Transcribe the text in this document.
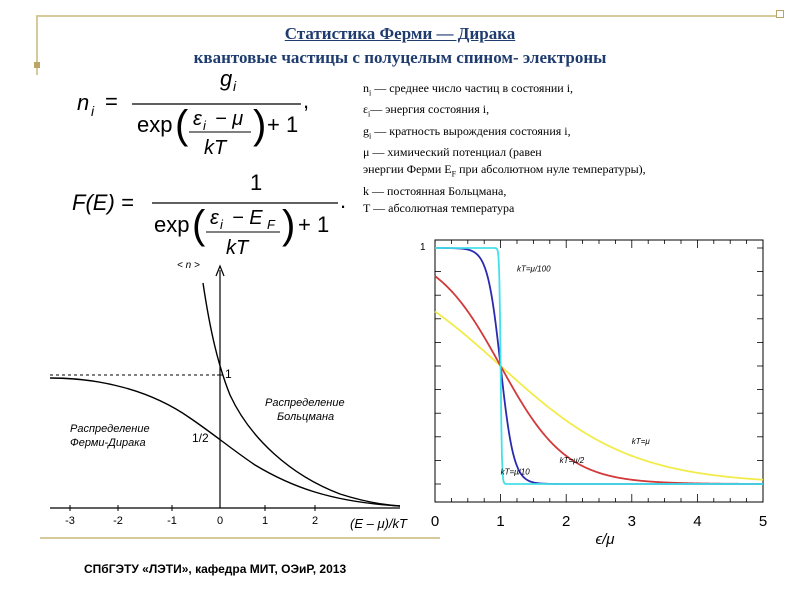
Статистика Ферми — Дирака
квантовые частицы с полуцелым спином- электроны
n i =
g i
exp ( ε i − μ
kT
) + 1
,
F(E) =
1
exp ( ε i − E F
kT
) + 1
.
$n_i$ — среднее число частиц в состоянии i,
$\varepsilon_i—$ энергия состояния i,
$g_i$ — кратность вырождения состояния i,
μ — химический потенциал (равен
энергии Ферми $E_F$ при абсолютном нуле температуры),
k — постоянная Больцмана,
T — абсолютная температура
< n >
1
1/2
-3	-2	-1	0	1	2 (E – μ)/kT
Распределение
Больцмана
Распределение
Ферми-Дирака
kT=μ/100
kT=μ/10
kT=μ/2
kT=μ
1
0	1	2	3	4	5
ϵ/μ
СПбГЭТУ «ЛЭТИ», кафедра МИТ, ОЭиР, 2013
